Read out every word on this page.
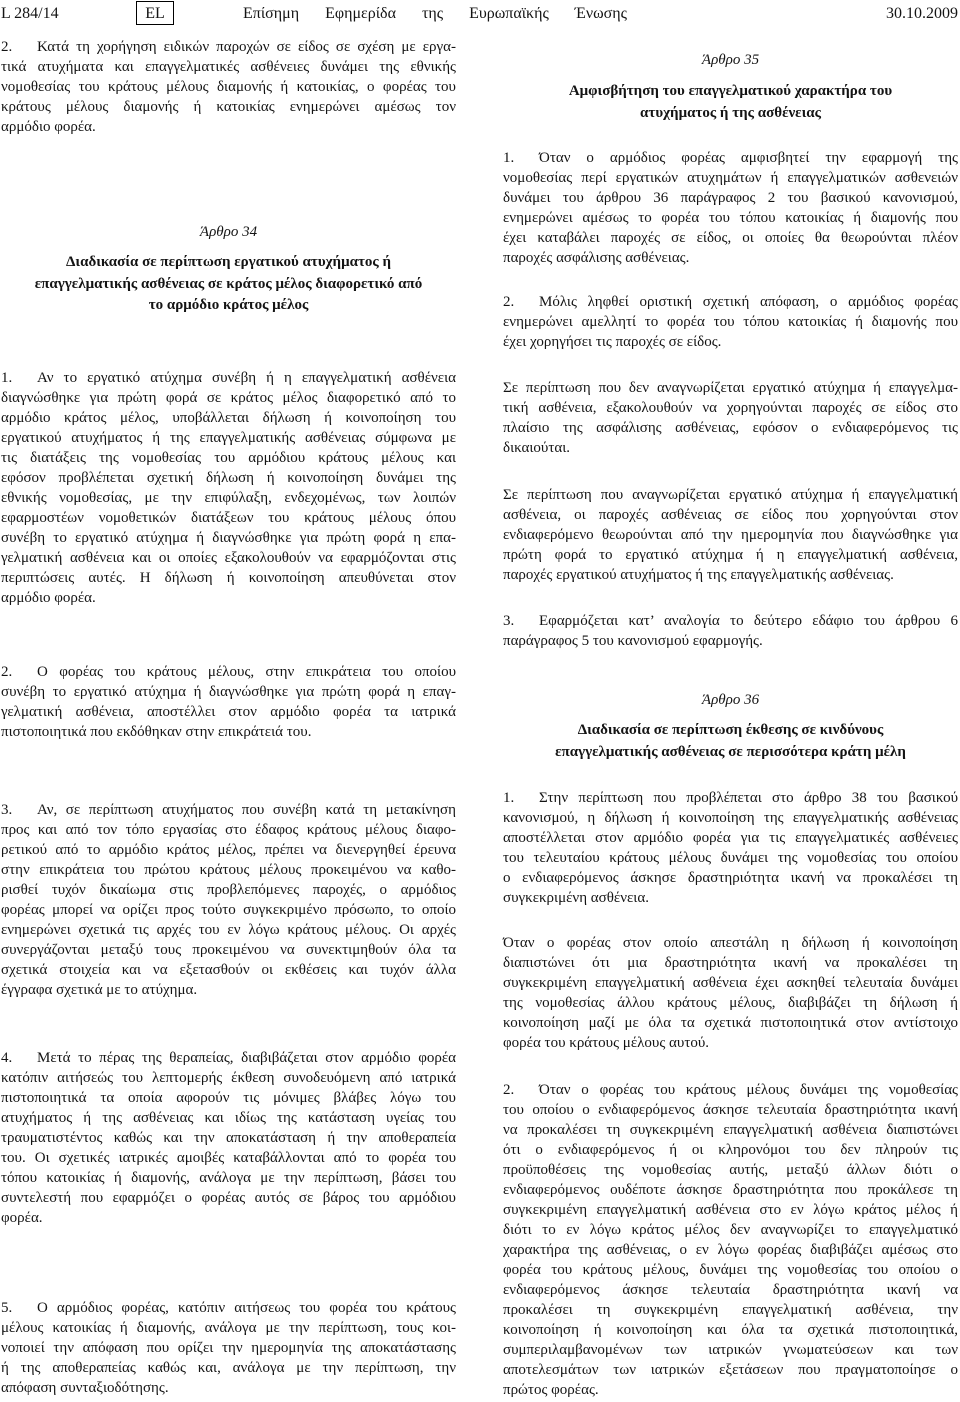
L 284/14	EL	Επίσημη Εφημερίδα της Ευρωπαϊκής Ένωσης	30.10.2009
2. Κατά τη χορήγηση ειδικών παροχών σε είδος σε σχέση με εργα-
τικά ατυχήματα και επαγγελματικές ασθένειες δυνάμει της εθνικής
νομοθεσίας του κράτους μέλους διαμονής ή κατοικίας, ο φορέας του
κράτους μέλους διαμονής ή κατοικίας ενημερώνει αμέσως τον
αρμόδιο φορέα.
Άρθρο 34
Διαδικασία σε περίπτωση εργατικού ατυχήματος ή
επαγγελματικής ασθένειας σε κράτος μέλος διαφορετικό από
το αρμόδιο κράτος μέλος
1. Αν το εργατικό ατύχημα συνέβη ή η επαγγελματική ασθένεια
διαγνώσθηκε για πρώτη φορά σε κράτος μέλος διαφορετικό από το
αρμόδιο κράτος μέλος, υποβάλλεται δήλωση ή κοινοποίηση του
εργατικού ατυχήματος ή της επαγγελματικής ασθένειας σύμφωνα με
τις διατάξεις της νομοθεσίας του αρμόδιου κράτους μέλους και
εφόσον προβλέπεται σχετική δήλωση ή κοινοποίηση δυνάμει της
εθνικής νομοθεσίας, με την επιφύλαξη, ενδεχομένως, των λοιπών
εφαρμοστέων νομοθετικών διατάξεων του κράτους μέλους όπου
συνέβη το εργατικό ατύχημα ή διαγνώσθηκε για πρώτη φορά η επα-
γελματική ασθένεια και οι οποίες εξακολουθούν να εφαρμόζονται στις
περιπτώσεις αυτές. Η δήλωση ή κοινοποίηση απευθύνεται στον
αρμόδιο φορέα.
2. Ο φορέας του κράτους μέλους, στην επικράτεια του οποίου
συνέβη το εργατικό ατύχημα ή διαγνώσθηκε για πρώτη φορά η επαγ-
γελματική ασθένεια, αποστέλλει στον αρμόδιο φορέα τα ιατρικά
πιστοποιητικά που εκδόθηκαν στην επικράτειά του.
3. Αν, σε περίπτωση ατυχήματος που συνέβη κατά τη μετακίνηση
προς και από τον τόπο εργασίας στο έδαφος κράτους μέλους διαφο-
ρετικού από το αρμόδιο κράτος μέλος, πρέπει να διενεργηθεί έρευνα
στην επικράτεια του πρώτου κράτους μέλους προκειμένου να καθο-
ρισθεί τυχόν δικαίωμα στις προβλεπόμενες παροχές, ο αρμόδιος
φορέας μπορεί να ορίζει προς τούτο συγκεκριμένο πρόσωπο, το οποίο
ενημερώνει σχετικά τις αρχές του εν λόγω κράτους μέλους. Οι αρχές
συνεργάζονται μεταξύ τους προκειμένου να συνεκτιμηθούν όλα τα
σχετικά στοιχεία και να εξετασθούν οι εκθέσεις και τυχόν άλλα
έγγραφα σχετικά με το ατύχημα.
4. Μετά το πέρας της θεραπείας, διαβιβάζεται στον αρμόδιο φορέα
κατόπιν αιτήσεώς του λεπτομερής έκθεση συνοδευόμενη από ιατρικά
πιστοποιητικά τα οποία αφορούν τις μόνιμες βλάβες λόγω του
ατυχήματος ή της ασθένειας και ιδίως της κατάσταση υγείας του
τραυματιστέντος καθώς και την αποκατάσταση ή την αποθεραπεία
του. Οι σχετικές ιατρικές αμοιβές καταβάλλονται από το φορέα του
τόπου κατοικίας ή διαμονής, ανάλογα με την περίπτωση, βάσει του
συντελεστή που εφαρμόζει ο φορέας αυτός σε βάρος του αρμόδιου
φορέα.
5. Ο αρμόδιος φορέας, κατόπιν αιτήσεως του φορέα του κράτους
μέλους κατοικίας ή διαμονής, ανάλογα με την περίπτωση, τους κοι-
νοποιεί την απόφαση που ορίζει την ημερομηνία της αποκατάστασης
ή της αποθεραπείας καθώς και, ανάλογα με την περίπτωση, την
απόφαση συνταξιοδότησης.
Άρθρο 35
Αμφισβήτηση του επαγγελματικού χαρακτήρα του
ατυχήματος ή της ασθένειας
1. Όταν ο αρμόδιος φορέας αμφισβητεί την εφαρμογή της
νομοθεσίας περί εργατικών ατυχημάτων ή επαγγελματικών ασθενειών
δυνάμει του άρθρου 36 παράγραφος 2 του βασικού κανονισμού,
ενημερώνει αμέσως το φορέα του τόπου κατοικίας ή διαμονής που
έχει καταβάλει παροχές σε είδος, οι οποίες θα θεωρούνται πλέον
παροχές ασφάλισης ασθένειας.
2. Μόλις ληφθεί οριστική σχετική απόφαση, ο αρμόδιος φορέας
ενημερώνει αμελλητί το φορέα του τόπου κατοικίας ή διαμονής που
έχει χορηγήσει τις παροχές σε είδος.
Σε περίπτωση που δεν αναγνωρίζεται εργατικό ατύχημα ή επαγγελμα-
τική ασθένεια, εξακολουθούν να χορηγούνται παροχές σε είδος στο
πλαίσιο της ασφάλισης ασθένειας, εφόσον ο ενδιαφερόμενος τις
δικαιούται.
Σε περίπτωση που αναγνωρίζεται εργατικό ατύχημα ή επαγγελματική
ασθένεια, οι παροχές ασθένειας σε είδος που χορηγούνται στον
ενδιαφερόμενο θεωρούνται από την ημερομηνία που διαγνώσθηκε για
πρώτη φορά το εργατικό ατύχημα ή η επαγγελματική ασθένεια,
παροχές εργατικού ατυχήματος ή της επαγγελματικής ασθένειας.
3. Εφαρμόζεται κατ’ αναλογία το δεύτερο εδάφιο του άρθρου 6
παράγραφος 5 του κανονισμού εφαρμογής.
Άρθρο 36
Διαδικασία σε περίπτωση έκθεσης σε κινδύνους
επαγγελματικής ασθένειας σε περισσότερα κράτη μέλη
1. Στην περίπτωση που προβλέπεται στο άρθρο 38 του βασικού
κανονισμού, η δήλωση ή κοινοποίηση της επαγγελματικής ασθένειας
αποστέλλεται στον αρμόδιο φορέα για τις επαγγελματικές ασθένειες
του τελευταίου κράτους μέλους δυνάμει της νομοθεσίας του οποίου
ο ενδιαφερόμενος άσκησε δραστηριότητα ικανή να προκαλέσει τη
συγκεκριμένη ασθένεια.
Όταν ο φορέας στον οποίο απεστάλη η δήλωση ή κοινοποίηση
διαπιστώνει ότι μια δραστηριότητα ικανή να προκαλέσει τη
συγκεκριμένη επαγγελματική ασθένεια έχει ασκηθεί τελευταία δυνάμει
της νομοθεσίας άλλου κράτους μέλους, διαβιβάζει τη δήλωση ή
κοινοποίηση μαζί με όλα τα σχετικά πιστοποιητικά στον αντίστοιχο
φορέα του κράτους μέλους αυτού.
2. Όταν ο φορέας του κράτους μέλους δυνάμει της νομοθεσίας
του οποίου ο ενδιαφερόμενος άσκησε τελευταία δραστηριότητα ικανή
να προκαλέσει τη συγκεκριμένη επαγγελματική ασθένεια διαπιστώνει
ότι ο ενδιαφερόμενος ή οι κληρονόμοι του δεν πληρούν τις
προϋποθέσεις της νομοθεσίας αυτής, μεταξύ άλλων διότι ο
ενδιαφερόμενος ουδέποτε άσκησε δραστηριότητα που προκάλεσε τη
συγκεκριμένη επαγγελματική ασθένεια στο εν λόγω κράτος μέλος ή
διότι το εν λόγω κράτος μέλος δεν αναγνωρίζει το επαγγελματικό
χαρακτήρα της ασθένειας, ο εν λόγω φορέας διαβιβάζει αμέσως στο
φορέα του κράτους μέλους, δυνάμει της νομοθεσίας του οποίου ο
ενδιαφερόμενος άσκησε τελευταία δραστηριότητα ικανή να
προκαλέσει τη συγκεκριμένη επαγγελματική ασθένεια, την
κοινοποίηση ή κοινοποίηση και όλα τα σχετικά πιστοποιητικά,
συμπεριλαμβανομένων των ιατρικών γνωματεύσεων και των
αποτελεσμάτων των ιατρικών εξετάσεων που πραγματοποίησε ο
πρώτος φορέας.
